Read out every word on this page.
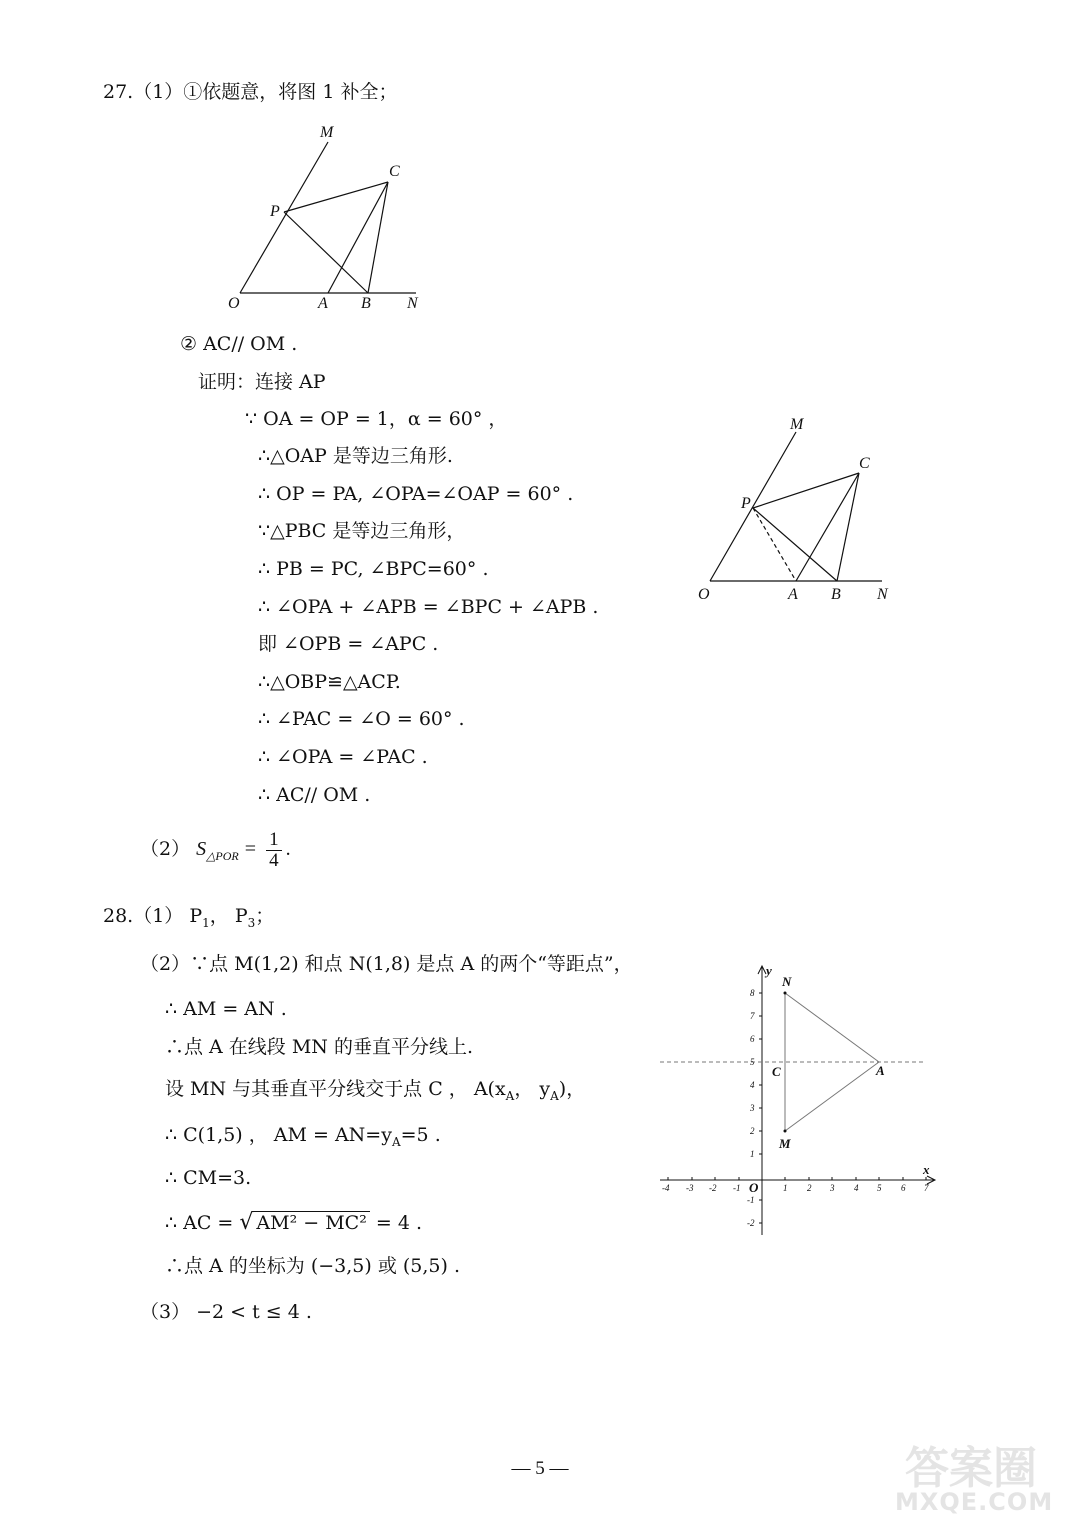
27.（1）①依题意，将图 1 补全；
M
C
P
O	A B N
② AC// OM .
证明：连接 AP
∵ OA = OP = 1，α = 60° ，
∴△OAP 是等边三角形.
∴ OP = PA, ∠OPA=∠OAP = 60° .
∵△PBC 是等边三角形，
∴ PB = PC, ∠BPC=60° .
∴ ∠OPA + ∠APB = ∠BPC + ∠APB .
即 ∠OPB = ∠APC .
∴△OBP≌△ACP.
∴ ∠PAC = ∠O = 60° .
∴ ∠OPA = ∠PAC .
∴ AC// OM .
M
C
P
O	A B N
（2） $S_{\triangle POR} = \frac{1}{4}$ .
28.（1） $P_1$， $P_3$；
（2）∵点 M(1,2) 和点 N(1,8) 是点 A 的两个“等距点”，
∴ AM = AN .
∴点 A 在线段 MN 的垂直平分线上.
设 MN 与其垂直平分线交于点 C ， $A(x_A$， $y_A$)，
∴ C(1,5) ， AM = $AN=y_A=5$ .
∴ CM=3.
∴ AC = √ AM² − MC² = 4 .
∴点 A 的坐标为 (−3,5) 或 (5,5) .
（3） −2 < t ≤ 4 .
-4 -3 -2 -1	1 2 3 4 5 6 7
8
7
6
5
4
3
2
1
-1
-2
x
y
O
N
C	A
M
— 5 —	答案圈
MXQE.COM
